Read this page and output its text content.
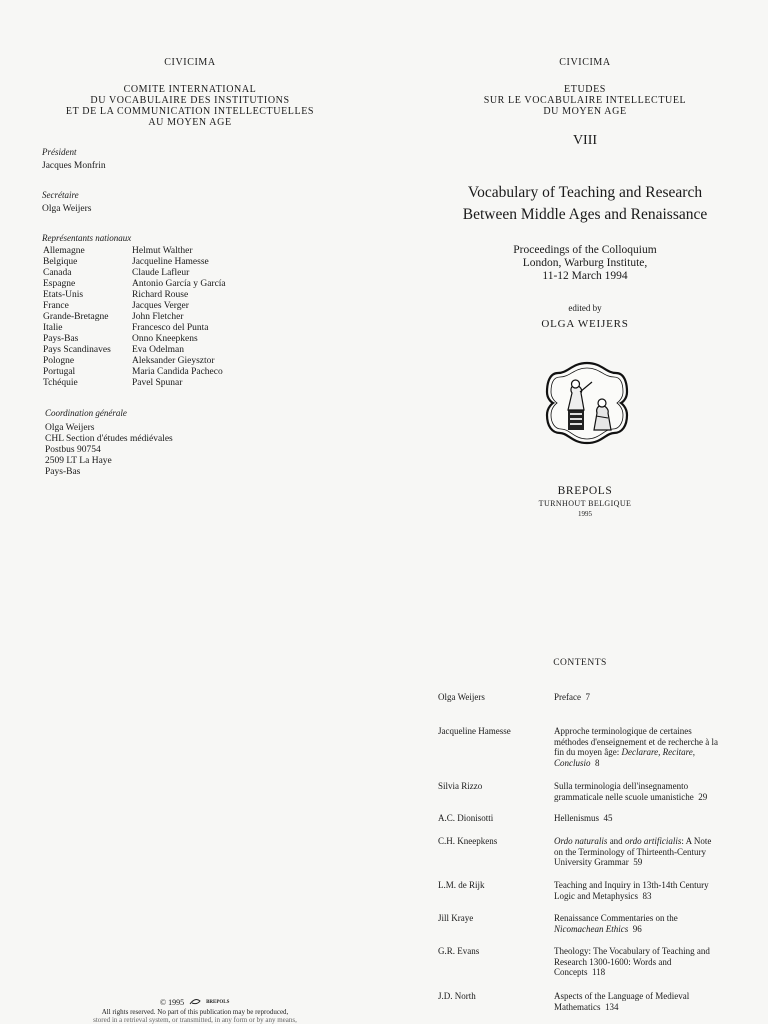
CIVICIMA
COMITE INTERNATIONAL
DU VOCABULAIRE DES INSTITUTIONS
ET DE LA COMMUNICATION INTELLECTUELLES
AU MOYEN AGE
Président
Jacques Monfrin
Secrétaire
Olga Weijers
Représentants nationaux
Allemagne	Helmut Walther
Belgique	Jacqueline Hamesse
Canada	Claude Lafleur
Espagne	Antonio García y García
Etats-Unis	Richard Rouse
France	Jacques Verger
Grande-Bretagne	John Fletcher
Italie	Francesco del Punta
Pays-Bas	Onno Kneepkens
Pays Scandinaves	Eva Odelman
Pologne	Aleksander Gieysztor
Portugal	Maria Candida Pacheco
Tchéquie	Pavel Spunar
Coordination générale
Olga Weijers
CHL Section d'études médiévales
Postbus 90754
2509 LT La Haye
Pays-Bas
© 1995	BREPOLS
All rights reserved. No part of this publication may be reproduced,
stored in a retrieval system, or transmitted, in any form or by any means,
CIVICIMA
ETUDES
SUR LE VOCABULAIRE INTELLECTUEL
DU MOYEN AGE
VIII
Vocabulary of Teaching and Research
Between Middle Ages and Renaissance
Proceedings of the Colloquium
London, Warburg Institute,
11-12 March 1994
edited by
OLGA WEIJERS
BREPOLS
TURNHOUT BELGIQUE
1995
CONTENTS
Olga Weijers	Preface 7
Jacqueline Hamesse	Approche terminologique de certaines méthodes d'enseignement et de recherche à la fin du moyen âge: Declarare, Recitare, Conclusio 8
Silvia Rizzo	Sulla terminologia dell'insegnamento grammaticale nelle scuole umanistiche 29
A.C. Dionisotti	Hellenismus 45
C.H. Kneepkens	Ordo naturalis and ordo artificialis: A Note on the Terminology of Thirteenth-Century University Grammar 59
L.M. de Rijk	Teaching and Inquiry in 13th-14th Century Logic and Metaphysics 83
Jill Kraye	Renaissance Commentaries on the Nicomachean Ethics 96
G.R. Evans	Theology: The Vocabulary of Teaching and Research 1300-1600: Words and Concepts 118
J.D. North	Aspects of the Language of Medieval Mathematics 134
